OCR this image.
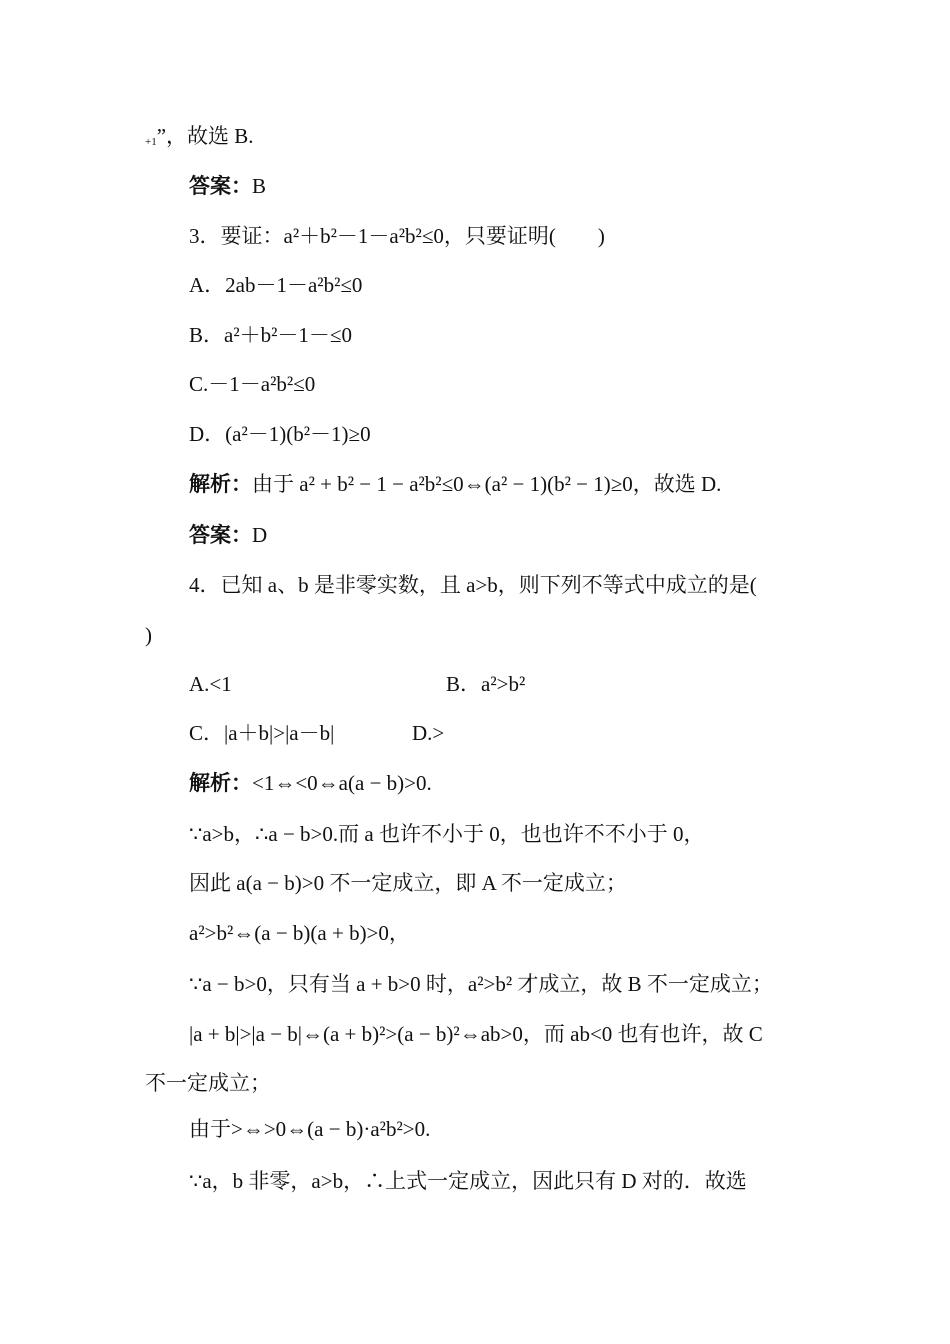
+1”，故选 B.
答案：B
3．要证：a²＋b²－1－a²b²≤0，只要证明(　　)
A．2ab－1－a²b²≤0
B．a²＋b²－1－≤0
C.－1－a²b²≤0
D．(a²－1)(b²－1)≥0
解析：由于 a² + b² − 1 − a²b²≤0⇔(a² − 1)(b² − 1)≥0，故选 D.
答案：D
4．已知 a、b 是非零实数，且 a>b，则下列不等式中成立的是(
)
A.<1	B．a²>b²
C．|a＋b|>|a－b|	D.>
解析：<1⇔<0⇔a(a − b)>0.
∵a>b，∴a − b>0.而 a 也许不小于 0，也也许不不小于 0，
因此 a(a − b)>0 不一定成立，即 A 不一定成立；
a²>b²⇔(a − b)(a + b)>0，
∵a − b>0，只有当 a + b>0 时，a²>b² 才成立，故 B 不一定成立；
|a + b|>|a − b|⇔(a + b)²>(a − b)²⇔ab>0，而 ab<0 也有也许，故 C
不一定成立；
由于>⇔>0⇔(a − b)·a²b²>0.
∵a，b 非零，a>b，∴上式一定成立，因此只有 D 对的．故选
